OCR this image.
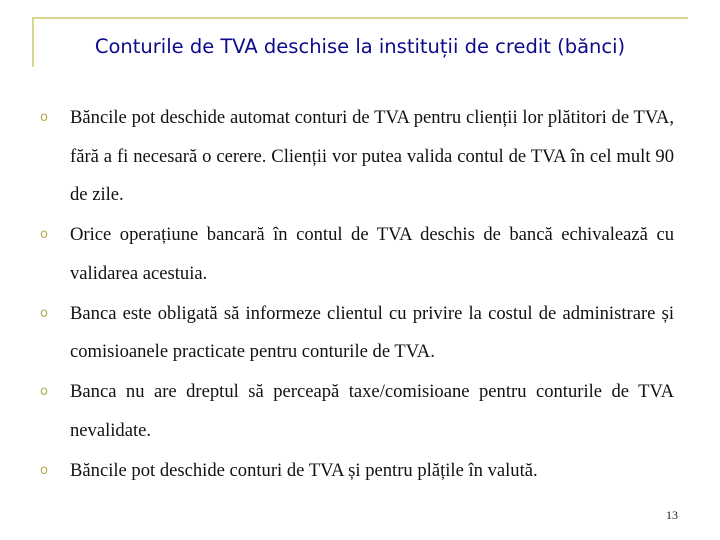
Conturile de TVA deschise la instituții de credit (bănci)
o Băncile pot deschide automat conturi de TVA pentru clienții lor plătitori de TVA, fără a fi necesară o cerere. Clienții vor putea valida contul de TVA în cel mult 90 de zile.
o Orice operațiune bancară în contul de TVA deschis de bancă echivalează cu validarea acestuia.
o Banca este obligată să informeze clientul cu privire la costul de administrare și comisioanele practicate pentru conturile de TVA.
o Banca nu are dreptul să perceapă taxe/comisioane pentru conturile de TVA nevalidate.
o Băncile pot deschide conturi de TVA și pentru plățile în valută.
13
